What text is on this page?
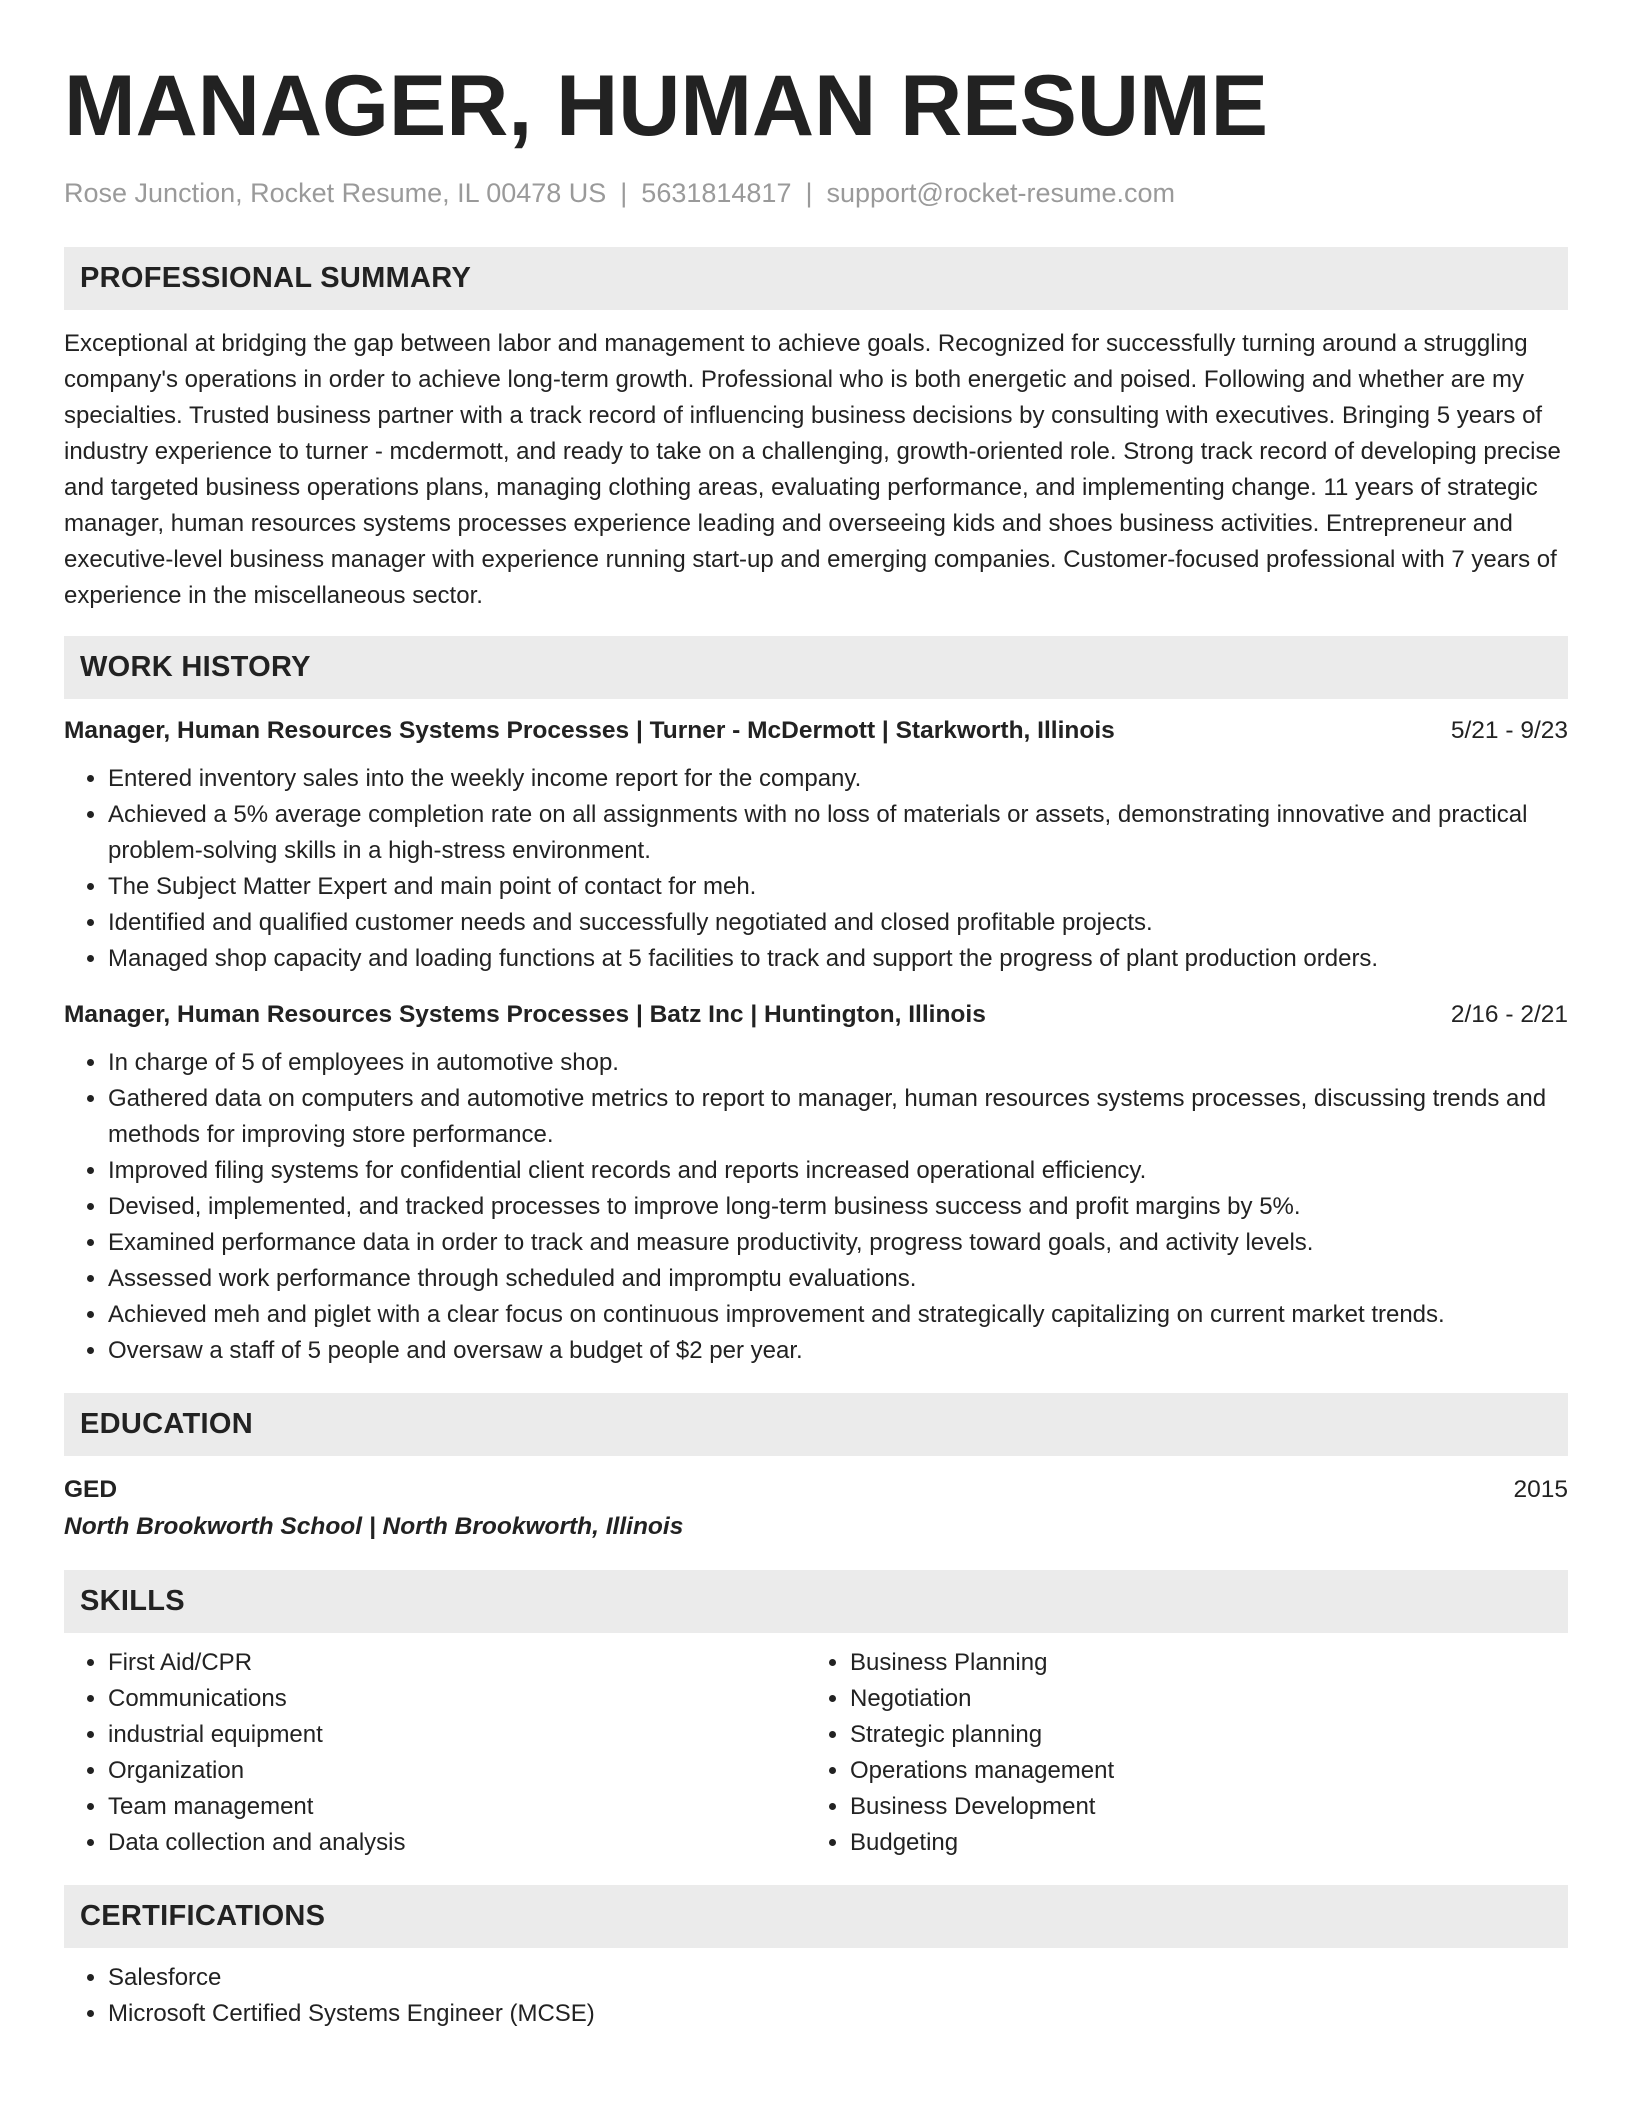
MANAGER, HUMAN RESUME
Rose Junction, Rocket Resume, IL 00478 US | 5631814817 | support@rocket-resume.com
PROFESSIONAL SUMMARY
Exceptional at bridging the gap between labor and management to achieve goals. Recognized for successfully turning around a struggling company's operations in order to achieve long-term growth. Professional who is both energetic and poised. Following and whether are my specialties. Trusted business partner with a track record of influencing business decisions by consulting with executives. Bringing 5 years of industry experience to turner - mcdermott, and ready to take on a challenging, growth-oriented role. Strong track record of developing precise and targeted business operations plans, managing clothing areas, evaluating performance, and implementing change. 11 years of strategic manager, human resources systems processes experience leading and overseeing kids and shoes business activities. Entrepreneur and executive-level business manager with experience running start-up and emerging companies. Customer-focused professional with 7 years of experience in the miscellaneous sector.
WORK HISTORY
Manager, Human Resources Systems Processes | Turner - McDermott | Starkworth, Illinois	5/21 - 9/23
• Entered inventory sales into the weekly income report for the company.
• Achieved a 5% average completion rate on all assignments with no loss of materials or assets, demonstrating innovative and practical problem-solving skills in a high-stress environment.
• The Subject Matter Expert and main point of contact for meh.
• Identified and qualified customer needs and successfully negotiated and closed profitable projects.
• Managed shop capacity and loading functions at 5 facilities to track and support the progress of plant production orders.
Manager, Human Resources Systems Processes | Batz Inc | Huntington, Illinois	2/16 - 2/21
• In charge of 5 of employees in automotive shop.
• Gathered data on computers and automotive metrics to report to manager, human resources systems processes, discussing trends and methods for improving store performance.
• Improved filing systems for confidential client records and reports increased operational efficiency.
• Devised, implemented, and tracked processes to improve long-term business success and profit margins by 5%.
• Examined performance data in order to track and measure productivity, progress toward goals, and activity levels.
• Assessed work performance through scheduled and impromptu evaluations.
• Achieved meh and piglet with a clear focus on continuous improvement and strategically capitalizing on current market trends.
• Oversaw a staff of 5 people and oversaw a budget of $2 per year.
EDUCATION
GED	2015
North Brookworth School | North Brookworth, Illinois
SKILLS
• First Aid/CPR
• Communications
• industrial equipment
• Organization
• Team management
• Data collection and analysis
• Business Planning
• Negotiation
• Strategic planning
• Operations management
• Business Development
• Budgeting
CERTIFICATIONS
• Salesforce
• Microsoft Certified Systems Engineer (MCSE)
